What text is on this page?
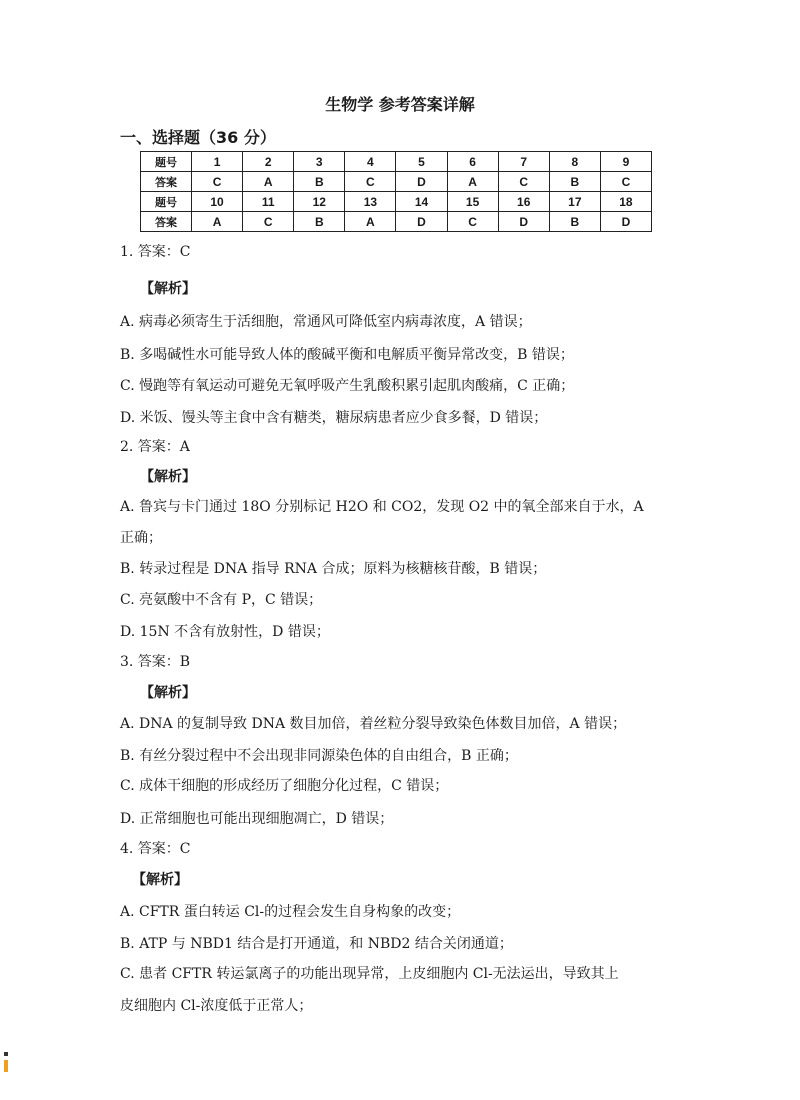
生物学 参考答案详解
一、选择题（36 分）
题号	1	2	3	4	5	6	7	8	9
答案	C	A	B	C	D	A	C	B	C
题号	10	11	12	13	14	15	16	17	18
答案	A	C	B	A	D	C	D	B	D
1. 答案：C
【解析】
A. 病毒必须寄生于活细胞，常通风可降低室内病毒浓度，A 错误；
B. 多喝碱性水可能导致人体的酸碱平衡和电解质平衡异常改变，B 错误；
C. 慢跑等有氧运动可避免无氧呼吸产生乳酸积累引起肌肉酸痛，C 正确；
D. 米饭、馒头等主食中含有糖类，糖尿病患者应少食多餐，D 错误；
2. 答案：A
【解析】
A. 鲁宾与卡门通过 18O 分别标记 H2O 和 CO2，发现 O2 中的氧全部来自于水，A
正确；
B. 转录过程是 DNA 指导 RNA 合成；原料为核糖核苷酸，B 错误；
C. 亮氨酸中不含有 P，C 错误；
D. 15N 不含有放射性，D 错误；
3. 答案：B
【解析】
A. DNA 的复制导致 DNA 数目加倍，着丝粒分裂导致染色体数目加倍，A 错误；
B. 有丝分裂过程中不会出现非同源染色体的自由组合，B 正确；
C. 成体干细胞的形成经历了细胞分化过程，C 错误；
D. 正常细胞也可能出现细胞凋亡，D 错误；
4. 答案：C
【解析】
A. CFTR 蛋白转运 Cl-的过程会发生自身构象的改变；
B. ATP 与 NBD1 结合是打开通道，和 NBD2 结合关闭通道；
C. 患者 CFTR 转运氯离子的功能出现异常，上皮细胞内 Cl-无法运出，导致其上
皮细胞内 Cl-浓度低于正常人；
